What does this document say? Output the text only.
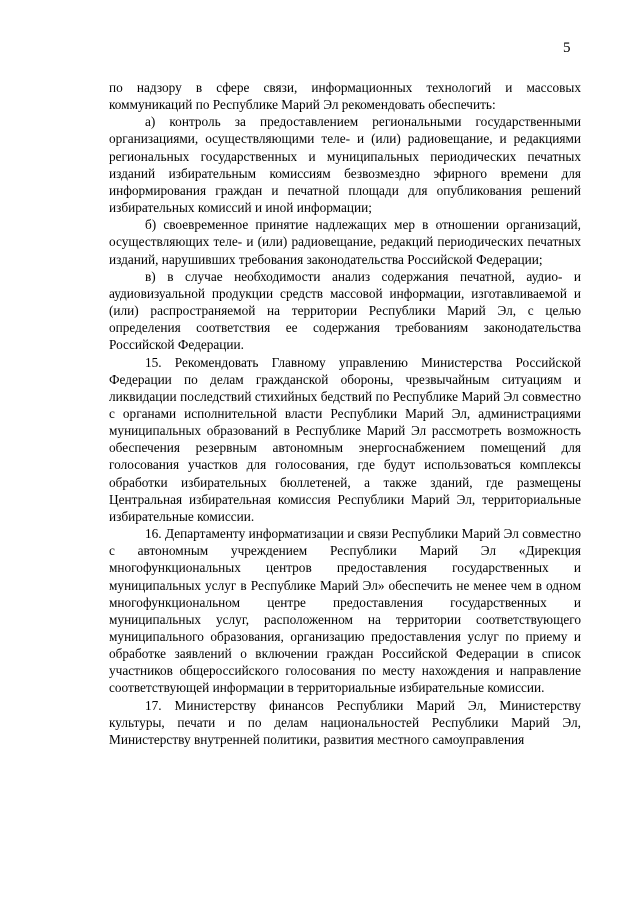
5

по надзору в сфере связи, информационных технологий и массовых коммуникаций по Республике Марий Эл рекомендовать обеспечить:

а) контроль за предоставлением региональными государственными организациями, осуществляющими теле- и (или) радиовещание, и редакциями региональных государственных и муниципальных периодических печатных изданий избирательным комиссиям безвозмездно эфирного времени для информирования граждан и печатной площади для опубликования решений избирательных комиссий и иной информации;

б) своевременное принятие надлежащих мер в отношении организаций, осуществляющих теле- и (или) радиовещание, редакций периодических печатных изданий, нарушивших требования законодательства Российской Федерации;

в) в случае необходимости анализ содержания печатной, аудио- и аудиовизуальной продукции средств массовой информации, изготавливаемой и (или) распространяемой на территории Республики Марий Эл, с целью определения соответствия ее содержания требованиям законодательства Российской Федерации.

15. Рекомендовать Главному управлению Министерства Российской Федерации по делам гражданской обороны, чрезвычайным ситуациям и ликвидации последствий стихийных бедствий по Республике Марий Эл совместно с органами исполнительной власти Республики Марий Эл, администрациями муниципальных образований в Республике Марий Эл рассмотреть возможность обеспечения резервным автономным энергоснабжением помещений для голосования участков для голосования, где будут использоваться комплексы обработки избирательных бюллетеней, а также зданий, где размещены Центральная избирательная комиссия Республики Марий Эл, территориальные избирательные комиссии.

16. Департаменту информатизации и связи Республики Марий Эл совместно с автономным учреждением Республики Марий Эл «Дирекция многофункциональных центров предоставления государственных и муниципальных услуг в Республике Марий Эл» обеспечить не менее чем в одном многофункциональном центре предоставления государственных и муниципальных услуг, расположенном на территории соответствующего муниципального образования, организацию предоставления услуг по приему и обработке заявлений о включении граждан Российской Федерации в список участников общероссийского голосования по месту нахождения и направление соответствующей информации в территориальные избирательные комиссии.

17. Министерству финансов Республики Марий Эл, Министерству культуры, печати и по делам национальностей Республики Марий Эл, Министерству внутренней политики, развития местного самоуправления
